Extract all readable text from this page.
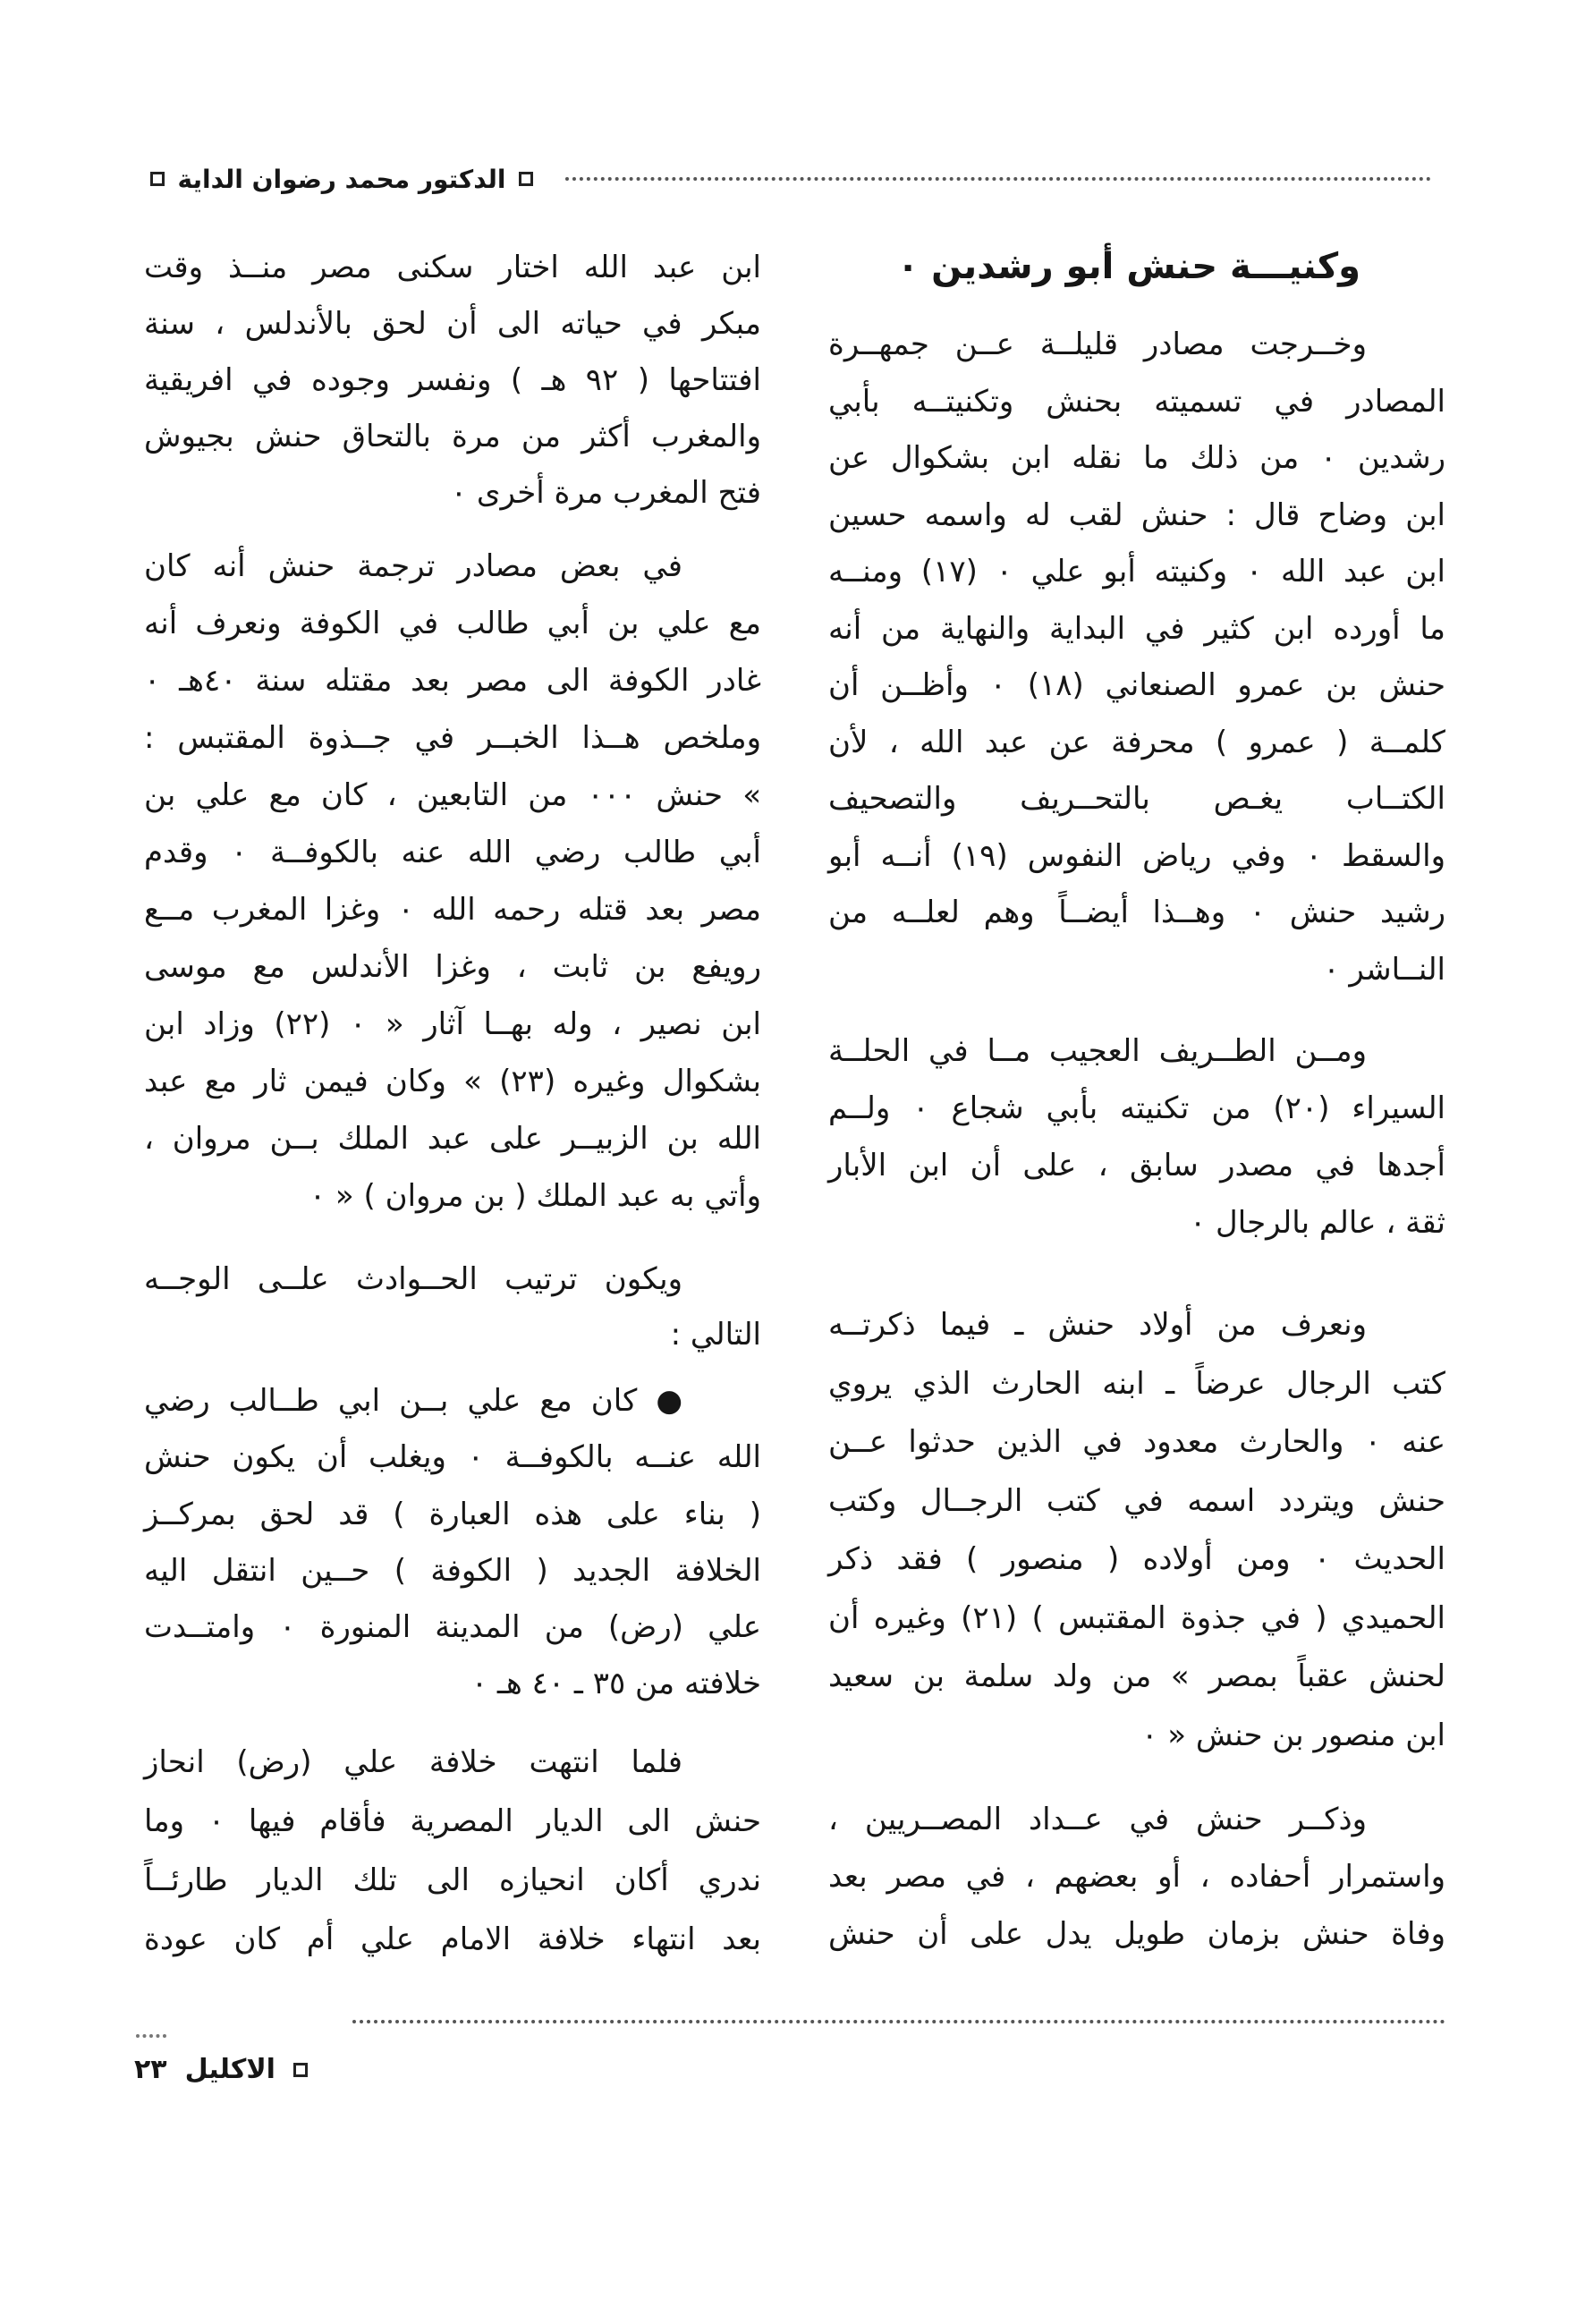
الدكتور محمد رضوان الداية
وكنيـــة حنش أبو رشدين ٠
وخــرجت مصادر قليلــة عــن جمهــرة
المصادر في تسميته بحنش وتكنيتــه بأبي
رشدين ٠ من ذلك ما نقله ابن بشكوال عن
ابن وضاح قال : حنش لقب له واسمه حسين
ابن عبد الله ٠ وكنيته أبو علي ٠ (١٧) ومنــه
ما أورده ابن كثير في البداية والنهاية من أنه
حنش بن عمرو الصنعاني (١٨) ٠ وأظــن أن
كلمــة ( عمرو ) محرفة عن عبد الله ، لأن
الكتــاب يغـص بالتحــريف والتصحيف
والسقط ٠ وفي رياض النفوس (١٩) أنــه أبو
رشيد حنش ٠ وهــذا أيضــاً وهم لعلــه من
النــاشر ٠
ومــن الطــريف العجيب مــا في الحلــة
السيراء (٢٠) من تكنيته بأبي شجاع ٠ ولــم
أجدها في مصدر سابق ، على أن ابن الأبار
ثقة ، عالم بالرجال ٠
ونعرف من أولاد حنش ـ فيما ذكرتــه
كتب الرجال عرضاً ـ ابنه الحارث الذي يروي
عنه ٠ والحارث معدود في الذين حدثوا عــن
حنش ويتردد اسمه في كتب الرجــال وكتب
الحديث ٠ ومن أولاده ( منصور ) فقد ذكر
الحميدي ( في جذوة المقتبس ) (٢١) وغيره أن
لحنش عقباً بمصر « من ولد سلمة بن سعيد
ابن منصور بن حنش » ٠
وذكــر حنش في عــداد المصــريين ،
واستمرار أحفاده ، أو بعضهم ، في مصر بعد
وفاة حنش بزمان طويل يدل على أن حنش
ابن عبد الله اختار سكنى مصر منــذ وقت
مبكر في حياته الى أن لحق بالأندلس ، سنة
افتتاحها ( ٩٢ هـ ) ونفسر وجوده في افريقية
والمغرب أكثر من مرة بالتحاق حنش بجيوش
فتح المغرب مرة أخرى ٠
في بعض مصادر ترجمة حنش أنه كان
مع علي بن أبي طالب في الكوفة ونعرف أنه
غادر الكوفة الى مصر بعد مقتله سنة ٤٠هـ ٠
وملخص هــذا الخبــر في جــذوة المقتبس :
« حنش ٠٠٠ من التابعين ، كان مع علي بن
أبي طالب رضي الله عنه بالكوفــة ٠ وقدم
مصر بعد قتله رحمه الله ٠ وغزا المغرب مــع
رويفع بن ثابت ، وغزا الأندلس مع موسى
ابن نصير ، وله بهــا آثار » ٠ (٢٢) وزاد ابن
بشكوال وغيره (٢٣) « وكان فيمن ثار مع عبد
الله بن الزبيــر على عبد الملك بــن مروان ،
وأتي به عبد الملك ( بن مروان ) » ٠
ويكون ترتيب الحــوادث علــى الوجــه
التالي :
● كان مع علي بــن ابي طــالب رضي
الله عنــه بالكوفــة ٠ ويغلب أن يكون حنش
( بناء على هذه العبارة ) قد لحق بمركــز
الخلافة الجديد ( الكوفة ) حــين انتقل اليه
علي (رض) من المدينة المنورة ٠ وامتــدت
خلافته من ٣٥ ـ ٤٠ هـ ٠
فلما انتهت خلافة علي (رض) انحاز
حنش الى الديار المصرية فأقام فيها ٠ وما
ندري أكان انحيازه الى تلك الديار طارئــاً
بعد انتهاء خلافة الامام علي أم كان عودة
الاكليل
٢٣
